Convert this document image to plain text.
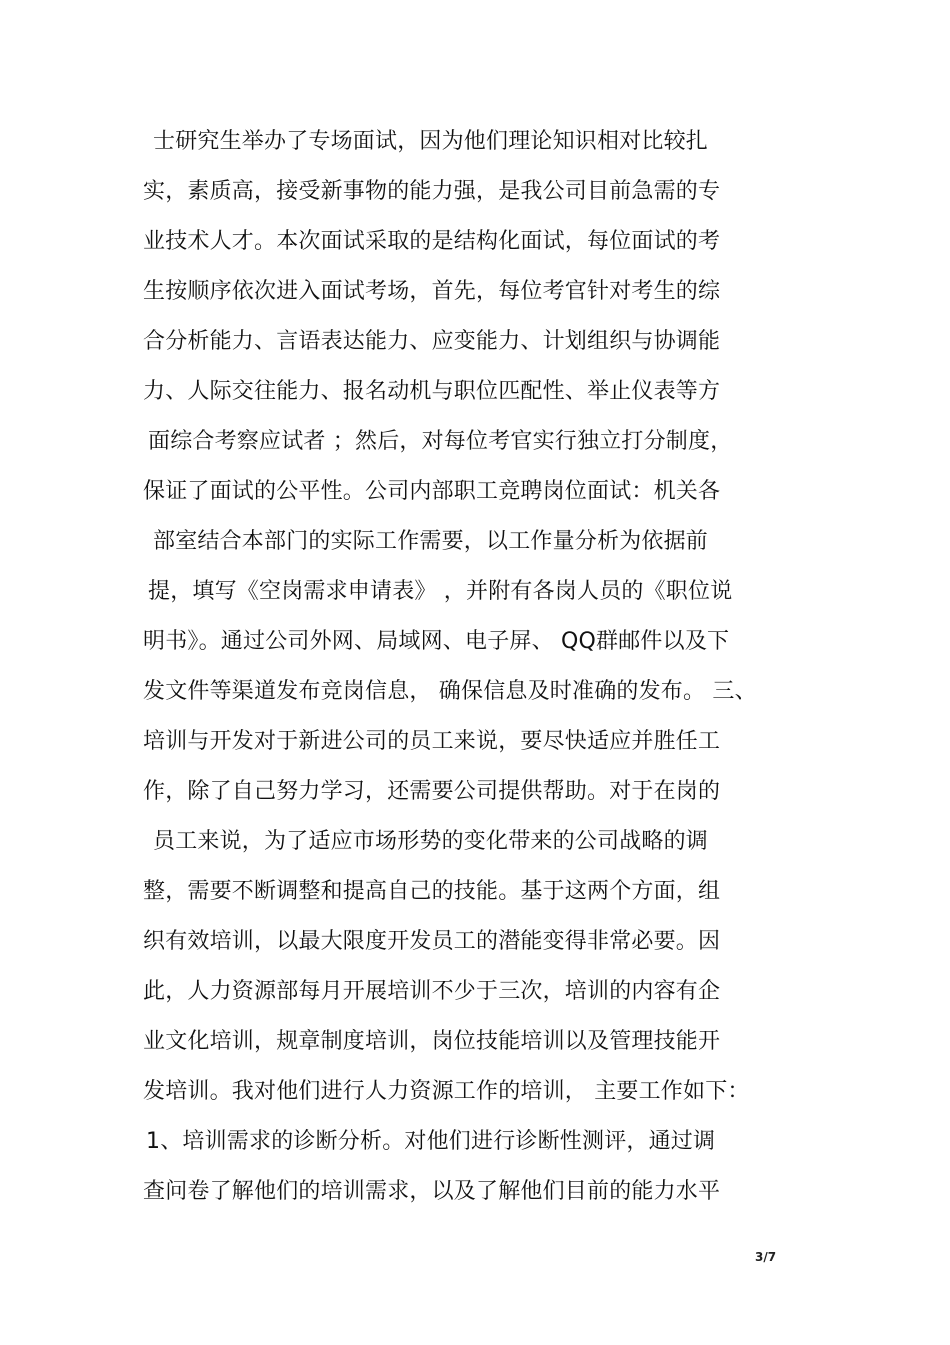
士研究生举办了专场面试，因为他们理论知识相对比较扎
实，素质高，接受新事物的能力强，是我公司目前急需的专
业技术人才。本次面试采取的是结构化面试，每位面试的考
生按顺序依次进入面试考场，首先，每位考官针对考生的综
合分析能力、言语表达能力、应变能力、计划组织与协调能
力、人际交往能力、报名动机与职位匹配性、举止仪表等方
面综合考察应试者 ；然后，对每位考官实行独立打分制度，
保证了面试的公平性。公司内部职工竞聘岗位面试：机关各
部室结合本部门的实际工作需要，以工作量分析为依据前
提，填写《空岗需求申请表》 ，并附有各岗人员的《职位说
明书》。通过公司外网、局域网、电子屏、 QQ群邮件以及下
发文件等渠道发布竞岗信息， 确保信息及时准确的发布。 三、
培训与开发对于新进公司的员工来说，要尽快适应并胜任工
作，除了自己努力学习，还需要公司提供帮助。对于在岗的
员工来说，为了适应市场形势的变化带来的公司战略的调
整，需要不断调整和提高自己的技能。基于这两个方面，组
织有效培训，以最大限度开发员工的潜能变得非常必要。因
此，人力资源部每月开展培训不少于三次，培训的内容有企
业文化培训，规章制度培训，岗位技能培训以及管理技能开
发培训。我对他们进行人力资源工作的培训， 主要工作如下：
1、培训需求的诊断分析。对他们进行诊断性测评，通过调
查问卷了解他们的培训需求，以及了解他们目前的能力水平
3/7
